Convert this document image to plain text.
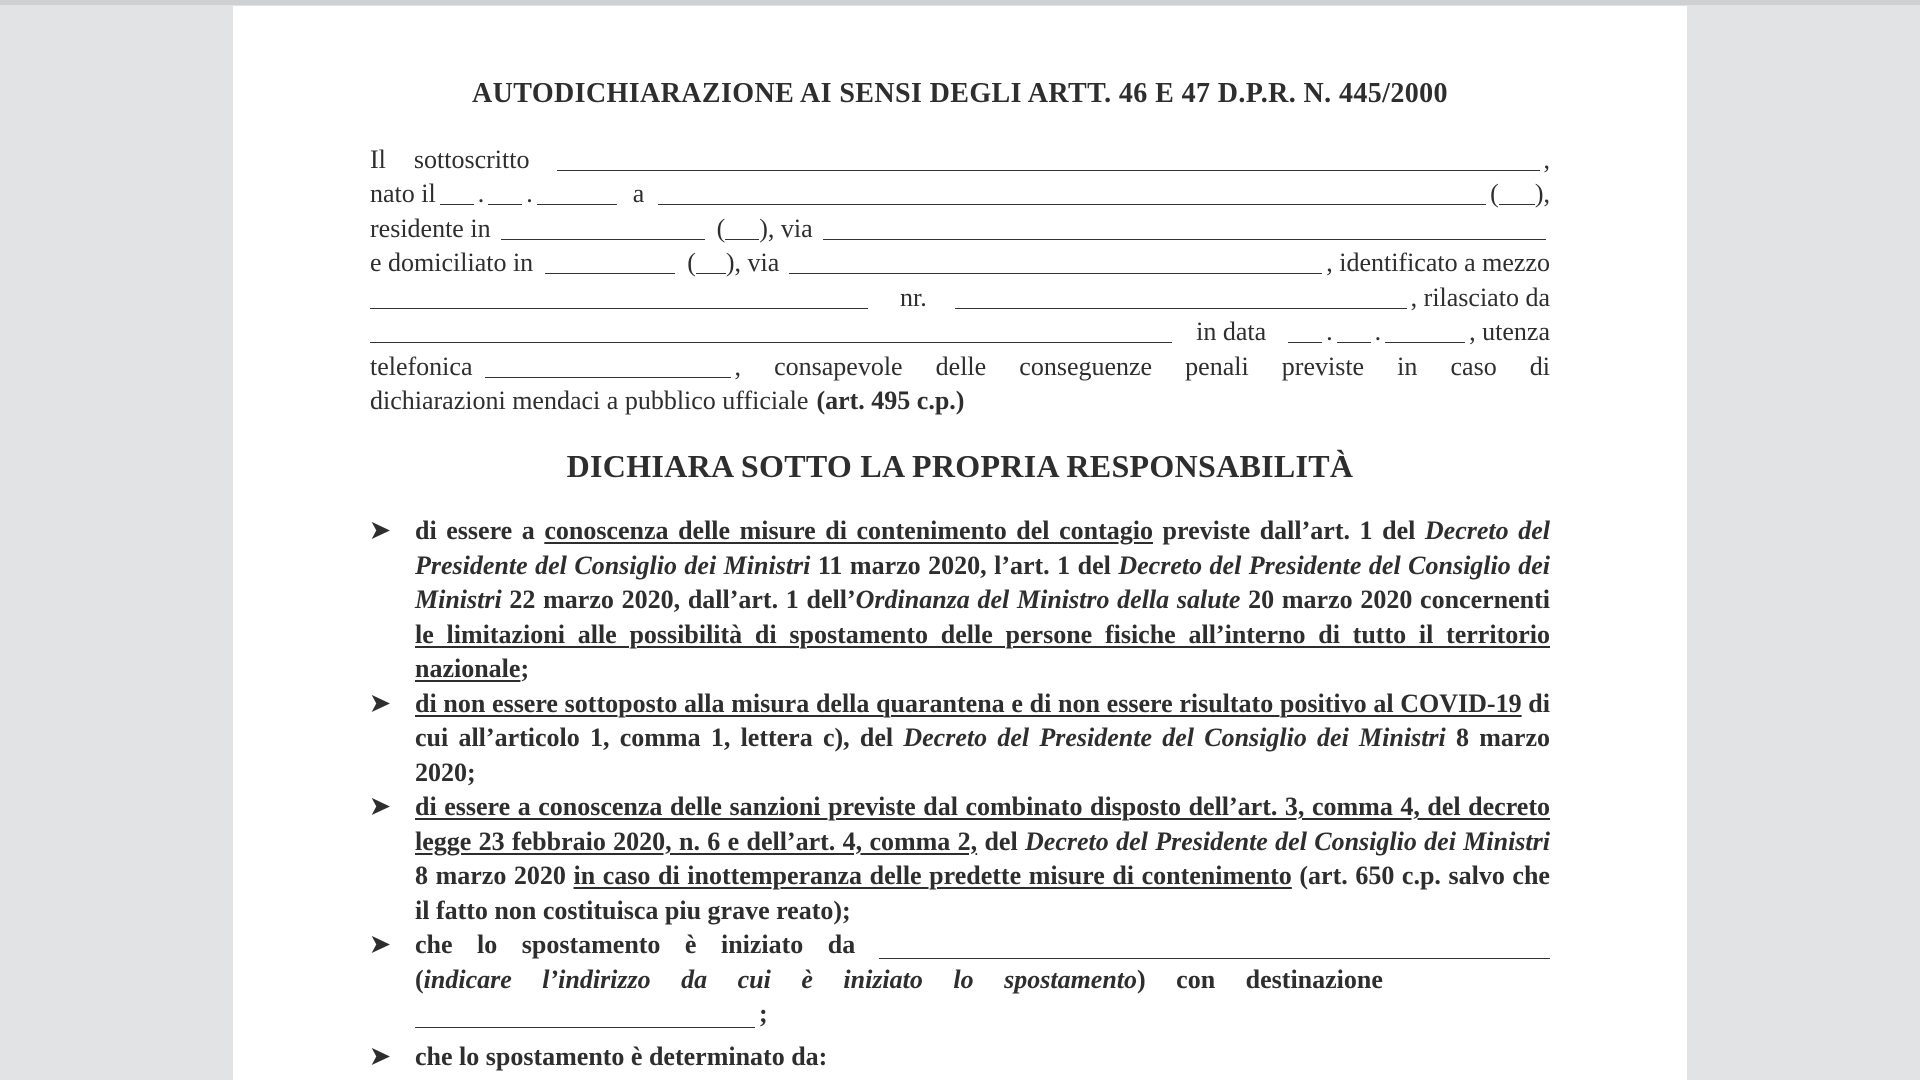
AUTODICHIARAZIONE AI SENSI DEGLI ARTT. 46 E 47 D.P.R. N. 445/2000
Il sottoscritto	,
nato il .
.	a	( ),
residente in	( ), via
e domiciliato in	( ), via	, identificato a mezzo
nr.	, rilasciato da
in data .
.	, utenza
telefonica	, consapevole delle conseguenze penali previste in caso di
dichiarazioni mendaci a pubblico ufficiale (art. 495 c.p.)
DICHIARA SOTTO LA PROPRIA RESPONSABILITÀ
➤ di essere a conoscenza delle misure di contenimento del contagio previste dall’art. 1 del Decreto del Presidente del Consiglio dei Ministri 11 marzo 2020, l’art. 1 del Decreto del Presidente del Consiglio dei Ministri 22 marzo 2020, dall’art. 1 dell’Ordinanza del Ministro della salute 20 marzo 2020 concernenti le limitazioni alle possibilità di spostamento delle persone fisiche all’interno di tutto il territorio nazionale;
➤ di non essere sottoposto alla misura della quarantena e di non essere risultato positivo al COVID-19 di cui all’articolo 1, comma 1, lettera c), del Decreto del Presidente del Consiglio dei Ministri 8 marzo 2020;
➤ di essere a conoscenza delle sanzioni previste dal combinato disposto dell’art. 3, comma 4, del decreto legge 23 febbraio 2020, n. 6 e dell’art. 4, comma 2, del Decreto del Presidente del Consiglio dei Ministri 8 marzo 2020 in caso di inottemperanza delle predette misure di contenimento (art. 650 c.p. salvo che il fatto non costituisca piu grave reato);
➤ che lo spostamento è iniziato da
(indicare l’indirizzo da cui è iniziato lo spostamento) con destinazione
;
➤ che lo spostamento è determinato da:
